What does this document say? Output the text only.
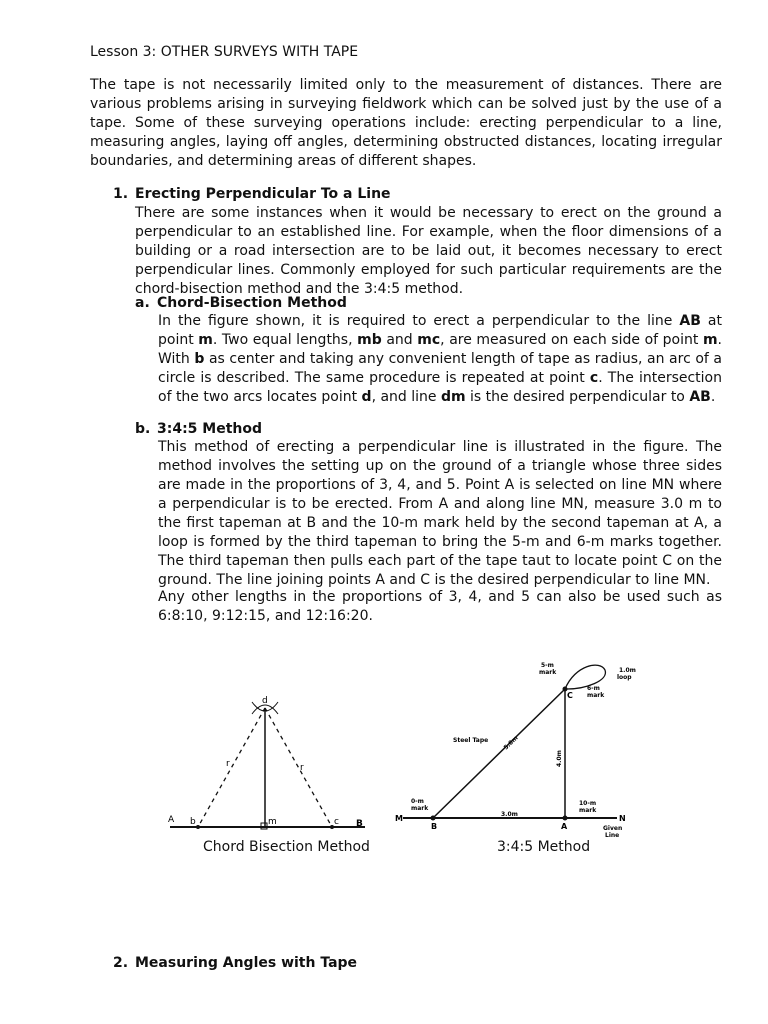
Lesson 3: OTHER SURVEYS WITH TAPE
The tape is not necessarily limited only to the measurement of distances. There are various problems arising in surveying fieldwork which can be solved just by the use of a tape. Some of these surveying operations include: erecting perpendicular to a line, measuring angles, laying off angles, determining obstructed distances, locating irregular boundaries, and determining areas of different shapes.
1. Erecting Perpendicular To a Line
There are some instances when it would be necessary to erect on the ground a perpendicular to an established line. For example, when the floor dimensions of a building or a road intersection are to be laid out, it becomes necessary to erect perpendicular lines. Commonly employed for such particular requirements are the chord-bisection method and the 3:4:5 method.
a. Chord-Bisection Method
In the figure shown, it is required to erect a perpendicular to the line AB at point m. Two equal lengths, mb and mc, are measured on each side of point m. With b as center and taking any convenient length of tape as radius, an arc of a circle is described. The same procedure is repeated at point c. The intersection of the two arcs locates point d, and line dm is the desired perpendicular to AB.
b. 3:4:5 Method
This method of erecting a perpendicular line is illustrated in the figure. The method involves the setting up on the ground of a triangle whose three sides are made in the proportions of 3, 4, and 5. Point A is selected on line MN where a perpendicular is to be erected. From A and along line MN, measure 3.0 m to the first tapeman at B and the 10-m mark held by the second tapeman at A, a loop is formed by the third tapeman to bring the 5-m and 6-m marks together. The third tapeman then pulls each part of the tape taut to locate point C on the ground. The line joining points A and C is the desired perpendicular to line MN.
Any other lengths in the proportions of 3, 4, and 5 can also be used such as 6:8:10, 9:12:15, and 12:16:20.
A b	m	c B
d
r	r
Chord Bisection Method
5-m
mark	1.0m
loop
C
6-m
mark
Steel Tape 5.0m
4.0m
0-m
mark
3.0m
10-m
mark
M
B	A
N
Given
Line
3:4:5 Method
2. Measuring Angles with Tape
